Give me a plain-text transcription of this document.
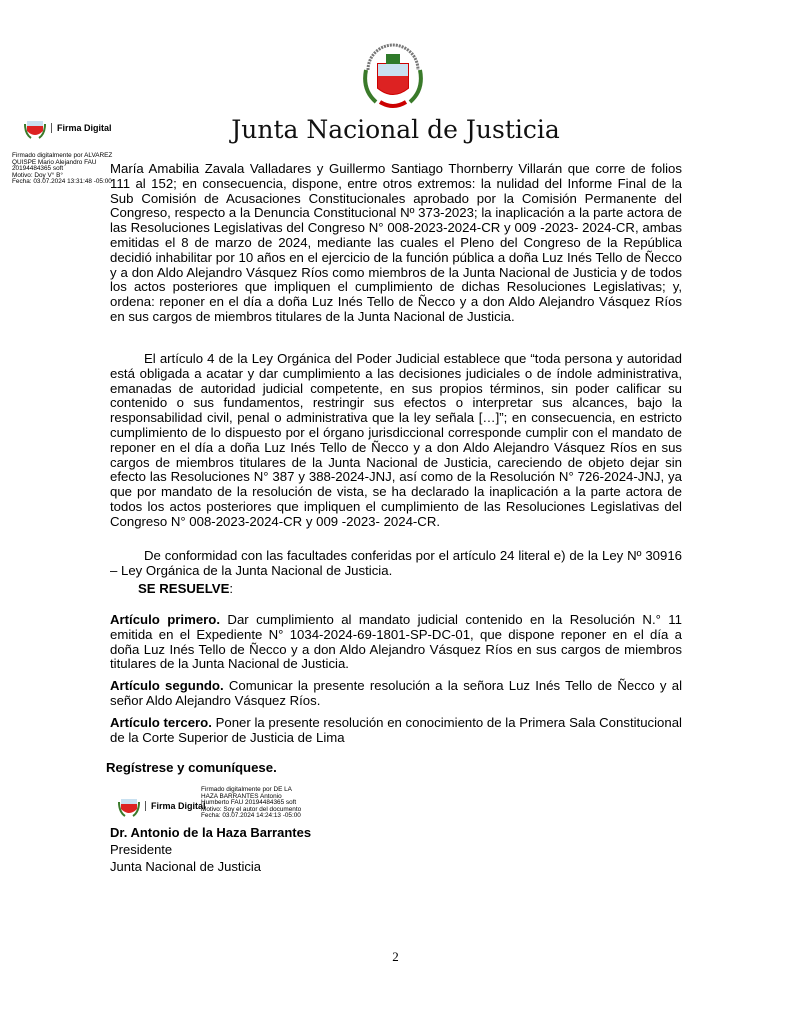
Junta Nacional de Justicia
Firma Digital
Firmado digitalmente por ALVAREZ
QUISPE Mario Alejandro FAU
20194484365 soft
Motivo: Doy V° B°
Fecha: 03.07.2024 13:31:48 -05:00
María Amabilia Zavala Valladares y Guillermo Santiago Thornberry Villarán que corre de folios 111 al 152; en consecuencia, dispone, entre otros extremos: la nulidad del Informe Final de la Sub Comisión de Acusaciones Constitucionales aprobado por la Comisión Permanente del Congreso, respecto a la Denuncia Constitucional Nº 373-2023; la inaplicación a la parte actora de las Resoluciones Legislativas del Congreso N° 008-2023-2024-CR y 009 -2023- 2024-CR, ambas emitidas el 8 de marzo de 2024, mediante las cuales el Pleno del Congreso de la República decidió inhabilitar por 10 años en el ejercicio de la función pública a doña Luz Inés Tello de Ñecco y a don Aldo Alejandro Vásquez Ríos como miembros de la Junta Nacional de Justicia y de todos los actos posteriores que impliquen el cumplimiento de dichas Resoluciones Legislativas; y, ordena: reponer en el día a doña Luz Inés Tello de Ñecco y a don Aldo Alejandro Vásquez Ríos en sus cargos de miembros titulares de la Junta Nacional de Justicia.
El artículo 4 de la Ley Orgánica del Poder Judicial establece que “toda persona y autoridad está obligada a acatar y dar cumplimiento a las decisiones judiciales o de índole administrativa, emanadas de autoridad judicial competente, en sus propios términos, sin poder calificar su contenido o sus fundamentos, restringir sus efectos o interpretar sus alcances, bajo la responsabilidad civil, penal o administrativa que la ley señala […]”; en consecuencia, en estricto cumplimiento de lo dispuesto por el órgano jurisdiccional corresponde cumplir con el mandato de reponer en el día a doña Luz Inés Tello de Ñecco y a don Aldo Alejandro Vásquez Ríos en sus cargos de miembros titulares de la Junta Nacional de Justicia, careciendo de objeto dejar sin efecto las Resoluciones N° 387 y 388-2024-JNJ, así como de la Resolución N° 726-2024-JNJ, ya que por mandato de la resolución de vista, se ha declarado la inaplicación a la parte actora de todos los actos posteriores que impliquen el cumplimiento de las Resoluciones Legislativas del Congreso N° 008-2023-2024-CR y 009 -2023- 2024-CR.
De conformidad con las facultades conferidas por el artículo 24 literal e) de la Ley Nº 30916 – Ley Orgánica de la Junta Nacional de Justicia.
SE RESUELVE:
Artículo primero. Dar cumplimiento al mandato judicial contenido en la Resolución N.° 11 emitida en el Expediente N° 1034-2024-69-1801-SP-DC-01, que dispone reponer en el día a doña Luz Inés Tello de Ñecco y a don Aldo Alejandro Vásquez Ríos en sus cargos de miembros titulares de la Junta Nacional de Justicia.
Artículo segundo. Comunicar la presente resolución a la señora Luz Inés Tello de Ñecco y al señor Aldo Alejandro Vásquez Ríos.
Artículo tercero. Poner la presente resolución en conocimiento de la Primera Sala Constitucional de la Corte Superior de Justicia de Lima
Regístrese y comuníquese.
Firma Digital
Firmado digitalmente por DE LA
HAZA BARRANTES Antonio
Humberto FAU 20194484365 soft
Motivo: Soy el autor del documento
Fecha: 03.07.2024 14:24:13 -05:00
Dr. Antonio de la Haza Barrantes
Presidente
Junta Nacional de Justicia
2
